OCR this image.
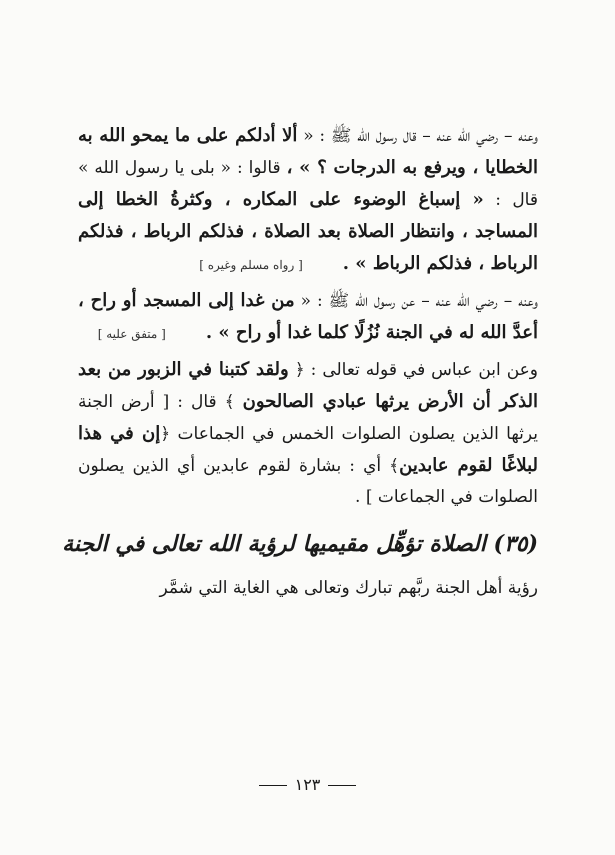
وعنه – رضي الله عنه – قال رسول الله ﷺ : « ألا أدلكم على ما يمحو الله به الخطايا ، ويرفع به الدرجات ؟ » ، قالوا : « بلى يا رسول الله » قال : « إسباغ الوضوء على المكاره ، وكثرةُ الخطا إلى المساجد ، وانتظار الصلاة بعد الصلاة ، فذلكم الرباط ، فذلكم الرباط ، فذلكم الرباط » .[ رواه مسلم وغيره ]

وعنه – رضي الله عنه – عن رسول الله ﷺ : « من غدا إلى المسجد أو راح ، أعدَّ الله له في الجنة نُزُلًا كلما غدا أو راح » .[ متفق عليه ]

وعن ابن عباس في قوله تعالى : ﴿ ولقد كتبنا في الزبور من بعد الذكر أن الأرض يرثها عبادي الصالحون ﴾ قال : [ أرض الجنة يرثها الذين يصلون الصلوات الخمس في الجماعات ﴿إن في هذا لبلاغًا لقوم عابدين﴾ أي : بشارة لقوم عابدين أي الذين يصلون الصلوات في الجماعات ] .

(٣٥) الصلاة تؤهِّل مقيميها لرؤية الله تعالى في الجنة

رؤية أهل الجنة ربَّهم تبارك وتعالى هي الغاية التي شمَّر

١٢٣
